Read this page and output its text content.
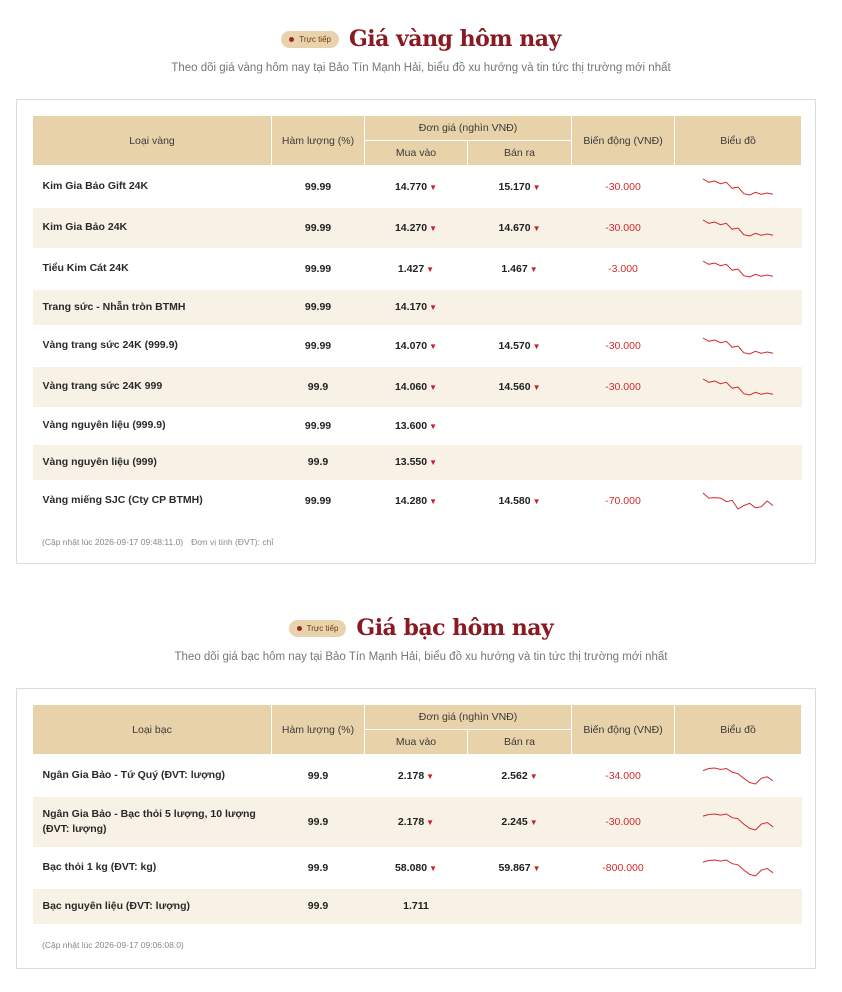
Trực tiếp Giá vàng hôm nay
Theo dõi giá vàng hôm nay tại Bảo Tín Mạnh Hải, biểu đồ xu hướng và tin tức thị trường mới nhất
Loại vàng	Hàm lượng (%)	Đơn giá (nghìn VNĐ)		Biến động (VNĐ)	Biểu đồ
		Mua vào	Bán ra		
Kim Gia Bảo Gift 24K	99.99	14.770 ▼	15.170 ▼	-30.000	

Kim Gia Bảo 24K	99.99	14.270 ▼	14.670 ▼	-30.000	

Tiểu Kim Cát 24K	99.99	1.427 ▼	1.467 ▼	-3.000	

Trang sức - Nhẫn tròn BTMH	99.99	14.170 ▼			
Vàng trang sức 24K (999.9)	99.99	14.070 ▼	14.570 ▼	-30.000	

Vàng trang sức 24K 999	99.9	14.060 ▼	14.560 ▼	-30.000	

Vàng nguyên liệu (999.9)	99.99	13.600 ▼			
Vàng nguyên liệu (999)	99.9	13.550 ▼			
Vàng miếng SJC (Cty CP BTMH)	99.99	14.280 ▼	14.580 ▼	-70.000	
(Cập nhật lúc 2026-09-17 09:48:11.0) Đơn vị tính (ĐVT): chỉ
Trực tiếp Giá bạc hôm nay
Theo dõi giá bạc hôm nay tại Bảo Tín Mạnh Hải, biểu đồ xu hướng và tin tức thị trường mới nhất
Loại bạc	Hàm lượng (%)	Đơn giá (nghìn VNĐ)		Biến động (VNĐ)	Biểu đồ
		Mua vào	Bán ra		
Ngân Gia Bảo - Tứ Quý (ĐVT: lượng)	99.9	2.178 ▼	2.562 ▼	-34.000	

Ngân Gia Bảo - Bạc thỏi 5 lượng, 10 lượng (ĐVT: lượng)	99.9	2.178 ▼	2.245 ▼	-30.000	

Bạc thỏi 1 kg (ĐVT: kg)	99.9	58.080 ▼	59.867 ▼	-800.000	

Bạc nguyên liệu (ĐVT: lượng)	99.9	1.711			
(Cập nhật lúc 2026-09-17 09:06:08.0)
